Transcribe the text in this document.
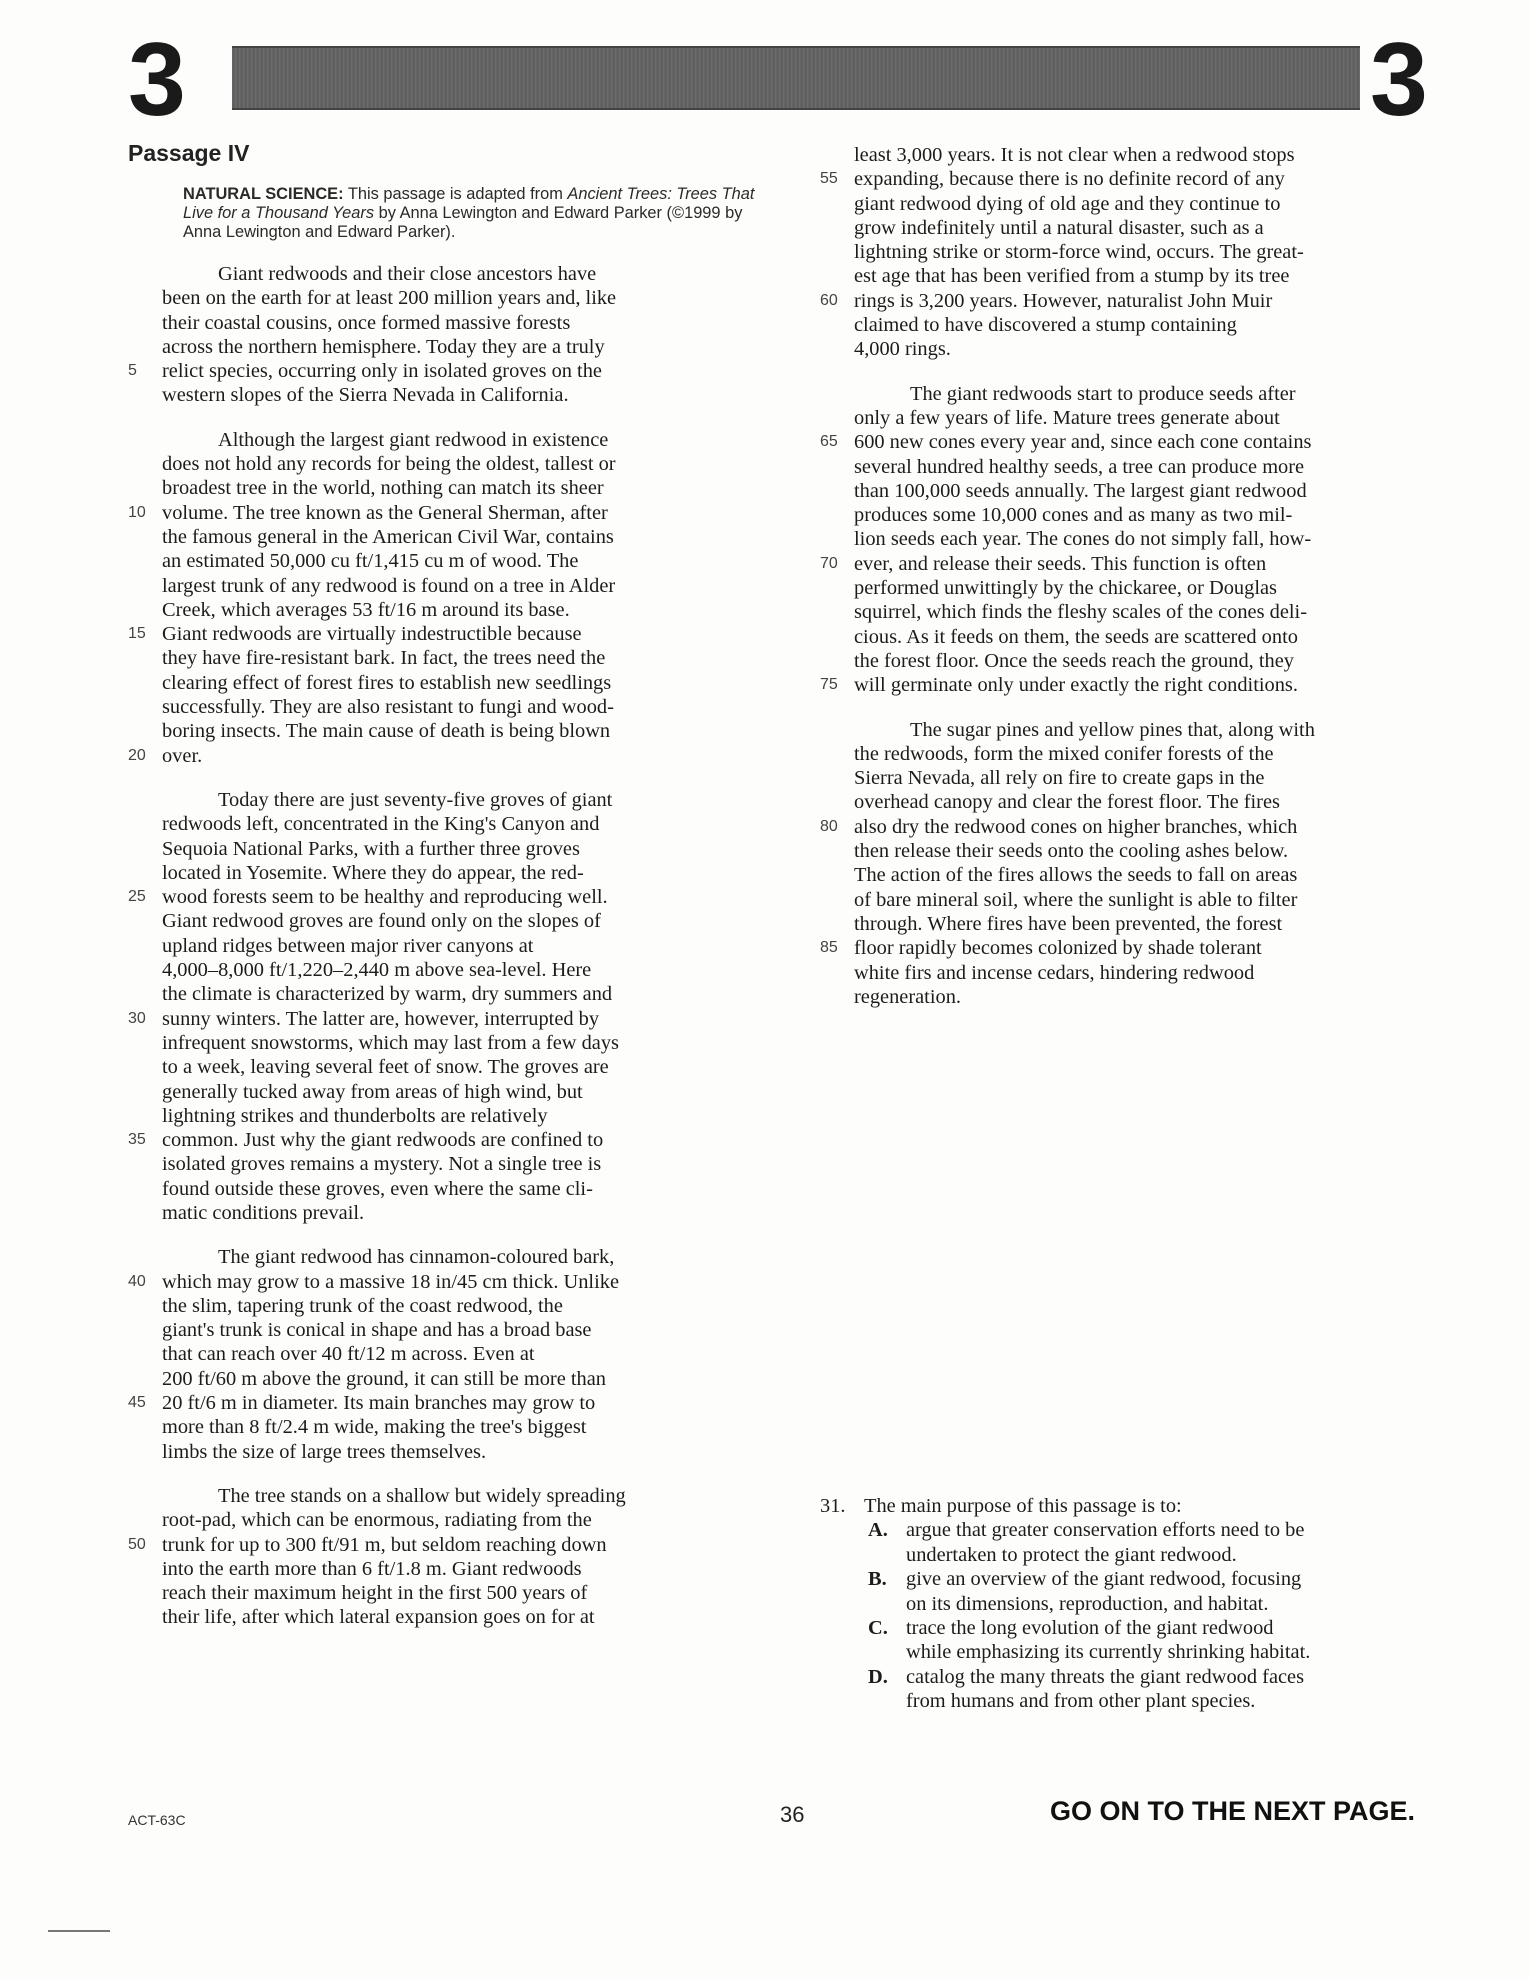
3	3
Passage IV
NATURAL SCIENCE: This passage is adapted from Ancient Trees: Trees That Live for a Thousand Years by Anna Lewington and Edward Parker (©1999 by Anna Lewington and Edward Parker).
Giant redwoods and their close ancestors have
been on the earth for at least 200 million years and, like
their coastal cousins, once formed massive forests
across the northern hemisphere. Today they are a truly
5	relict species, occurring only in isolated groves on the
western slopes of the Sierra Nevada in California.
Although the largest giant redwood in existence
does not hold any records for being the oldest, tallest or
broadest tree in the world, nothing can match its sheer
10 volume. The tree known as the General Sherman, after
the famous general in the American Civil War, contains
an estimated 50,000 cu ft/1,415 cu m of wood. The
largest trunk of any redwood is found on a tree in Alder
Creek, which averages 53 ft/16 m around its base.
15 Giant redwoods are virtually indestructible because
they have fire-resistant bark. In fact, the trees need the
clearing effect of forest fires to establish new seedlings
successfully. They are also resistant to fungi and wood-
boring insects. The main cause of death is being blown
20 over.
Today there are just seventy-five groves of giant
redwoods left, concentrated in the King's Canyon and
Sequoia National Parks, with a further three groves
located in Yosemite. Where they do appear, the red-
25 wood forests seem to be healthy and reproducing well.
Giant redwood groves are found only on the slopes of
upland ridges between major river canyons at
4,000–8,000 ft/1,220–2,440 m above sea-level. Here
the climate is characterized by warm, dry summers and
30 sunny winters. The latter are, however, interrupted by
infrequent snowstorms, which may last from a few days
to a week, leaving several feet of snow. The groves are
generally tucked away from areas of high wind, but
lightning strikes and thunderbolts are relatively
35 common. Just why the giant redwoods are confined to
isolated groves remains a mystery. Not a single tree is
found outside these groves, even where the same cli-
matic conditions prevail.
The giant redwood has cinnamon-coloured bark,
40 which may grow to a massive 18 in/45 cm thick. Unlike
the slim, tapering trunk of the coast redwood, the
giant's trunk is conical in shape and has a broad base
that can reach over 40 ft/12 m across. Even at
200 ft/60 m above the ground, it can still be more than
45 20 ft/6 m in diameter. Its main branches may grow to
more than 8 ft/2.4 m wide, making the tree's biggest
limbs the size of large trees themselves.
The tree stands on a shallow but widely spreading
root-pad, which can be enormous, radiating from the
50 trunk for up to 300 ft/91 m, but seldom reaching down
into the earth more than 6 ft/1.8 m. Giant redwoods
reach their maximum height in the first 500 years of
their life, after which lateral expansion goes on for at
least 3,000 years. It is not clear when a redwood stops
55 expanding, because there is no definite record of any
giant redwood dying of old age and they continue to
grow indefinitely until a natural disaster, such as a
lightning strike or storm-force wind, occurs. The great-
est age that has been verified from a stump by its tree
60 rings is 3,200 years. However, naturalist John Muir
claimed to have discovered a stump containing
4,000 rings.
The giant redwoods start to produce seeds after
only a few years of life. Mature trees generate about
65 600 new cones every year and, since each cone contains
several hundred healthy seeds, a tree can produce more
than 100,000 seeds annually. The largest giant redwood
produces some 10,000 cones and as many as two mil-
lion seeds each year. The cones do not simply fall, how-
70 ever, and release their seeds. This function is often
performed unwittingly by the chickaree, or Douglas
squirrel, which finds the fleshy scales of the cones deli-
cious. As it feeds on them, the seeds are scattered onto
the forest floor. Once the seeds reach the ground, they
75 will germinate only under exactly the right conditions.
The sugar pines and yellow pines that, along with
the redwoods, form the mixed conifer forests of the
Sierra Nevada, all rely on fire to create gaps in the
overhead canopy and clear the forest floor. The fires
80 also dry the redwood cones on higher branches, which
then release their seeds onto the cooling ashes below.
The action of the fires allows the seeds to fall on areas
of bare mineral soil, where the sunlight is able to filter
through. Where fires have been prevented, the forest
85 floor rapidly becomes colonized by shade tolerant
white firs and incense cedars, hindering redwood
regeneration.
31. The main purpose of this passage is to:
A. argue that greater conservation efforts need to be
undertaken to protect the giant redwood.
B. give an overview of the giant redwood, focusing
on its dimensions, reproduction, and habitat.
C. trace the long evolution of the giant redwood
while emphasizing its currently shrinking habitat.
D. catalog the many threats the giant redwood faces
from humans and from other plant species.
ACT-63C	36	GO ON TO THE NEXT PAGE.
